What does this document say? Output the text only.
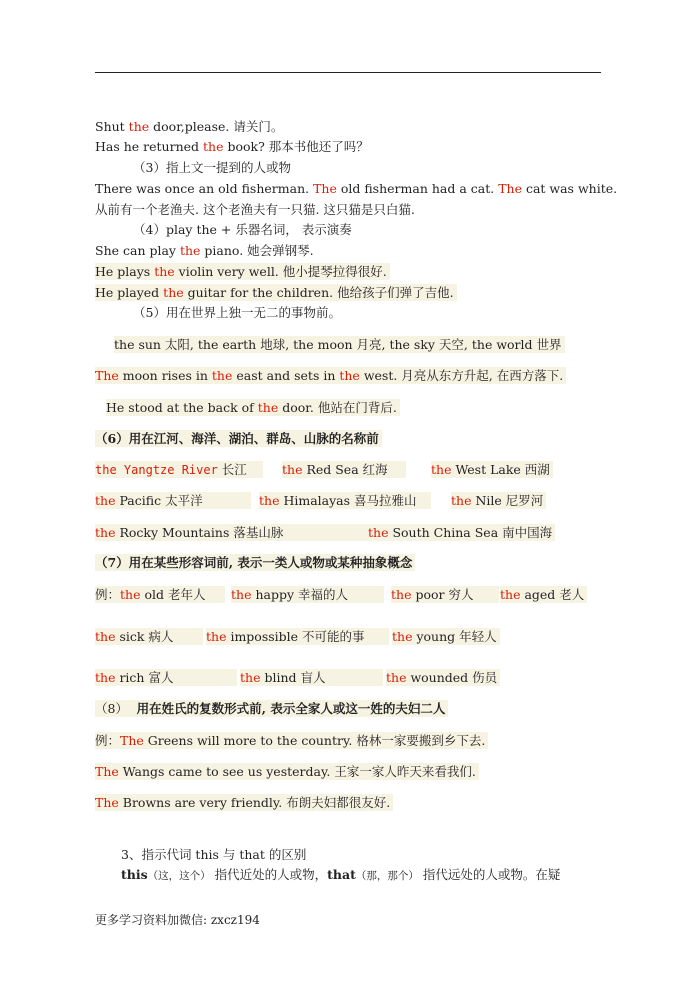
Shut the door,please. 请关门。
Has he returned the book? 那本书他还了吗？
（3）指上文一提到的人或物
There was once an old fisherman. The old fisherman had a cat. The cat was white.
从前有一个老渔夫. 这个老渔夫有一只猫. 这只猫是只白猫.
（4）play the + 乐器名词， 表示演奏
She can play the piano. 她会弹钢琴.
He plays the violin very well. 他小提琴拉得很好.
He played the guitar for the children. 他给孩子们弹了吉他.
（5）用在世界上独一无二的事物前。
the sun 太阳, the earth 地球, the moon 月亮, the sky 天空, the world 世界
The moon rises in the east and sets in the west. 月亮从东方升起, 在西方落下.
He stood at the back of the door. 他站在门背后.
（6）用在江河、海洋、湖泊、群岛、山脉的名称前
the Yangtze River 长江	the Red Sea 红海	the West Lake 西湖
the Pacific 太平洋	the Himalayas 喜马拉雅山	the Nile 尼罗河
the Rocky Mountains 落基山脉	the South China Sea 南中国海
（7）用在某些形容词前, 表示一类人或物或某种抽象概念
例：the old 老年人	the happy 幸福的人	the poor 穷人	the aged 老人
the sick 病人	the impossible 不可能的事	the young 年轻人
the rich 富人	the blind 盲人	the wounded 伤员
（8） 用在姓氏的复数形式前, 表示全家人或这一姓的夫妇二人
例：The Greens will more to the country. 格林一家要搬到乡下去.
The Wangs came to see us yesterday. 王家一家人昨天来看我们.
The Browns are very friendly. 布朗夫妇都很友好.
3、指示代词 this 与 that 的区别
this（这，这个） 指代近处的人或物，that（那，那个） 指代远处的人或物。在疑
更多学习资料加微信: zxcz194
